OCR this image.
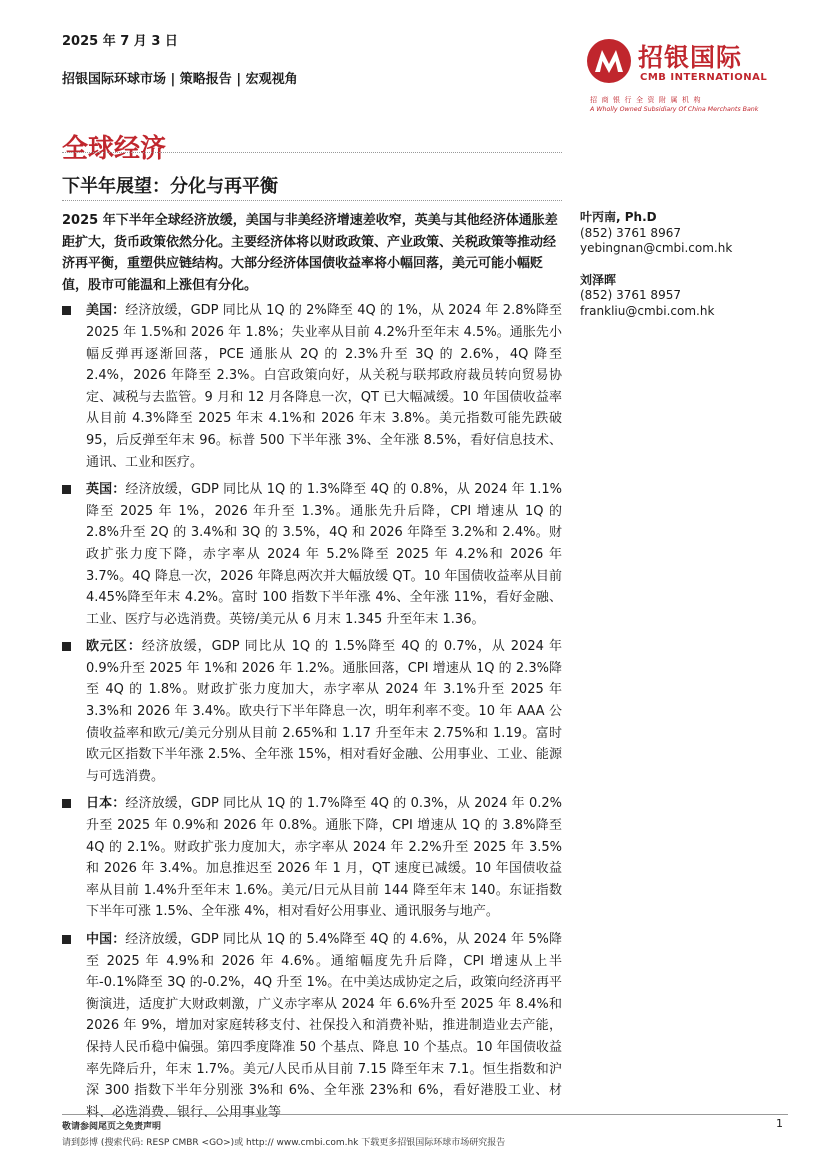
2025 年 7 月 3 日
招银国际环球市场 | 策略报告 | 宏观视角
招银国际
CMB INTERNATIONAL
招商银行全资附属机构
A Wholly Owned Subsidiary Of China Merchants Bank
全球经济
下半年展望：分化与再平衡

2025 年下半年全球经济放缓，美国与非美经济增速差收窄，英美与其他经济体通胀差距扩大，货币政策依然分化。主要经济体将以财政政策、产业政策、关税政策等推动经济再平衡，重塑供应链结构。大部分经济体国债收益率将小幅回落，美元可能小幅贬值，股市可能温和上涨但有分化。

美国：经济放缓，GDP 同比从 1Q 的 2%降至 4Q 的 1%，从 2024 年 2.8%降至 2025 年 1.5%和 2026 年 1.8%；失业率从目前 4.2%升至年末 4.5%。通胀先小幅反弹再逐渐回落，PCE 通胀从 2Q 的 2.3%升至 3Q 的 2.6%，4Q 降至 2.4%，2026 年降至 2.3%。白宫政策向好，从关税与联邦政府裁员转向贸易协定、减税与去监管。9 月和 12 月各降息一次，QT 已大幅减缓。10 年国债收益率从目前 4.3%降至 2025 年末 4.1%和 2026 年末 3.8%。美元指数可能先跌破 95，后反弹至年末 96。标普 500 下半年涨 3%、全年涨 8.5%，看好信息技术、通讯、工业和医疗。

英国：经济放缓，GDP 同比从 1Q 的 1.3%降至 4Q 的 0.8%，从 2024 年 1.1%降至 2025 年 1%，2026 年升至 1.3%。通胀先升后降，CPI 增速从 1Q 的 2.8%升至 2Q 的 3.4%和 3Q 的 3.5%，4Q 和 2026 年降至 3.2%和 2.4%。财政扩张力度下降，赤字率从 2024 年 5.2%降至 2025 年 4.2%和 2026 年 3.7%。4Q 降息一次，2026 年降息两次并大幅放缓 QT。10 年国债收益率从目前 4.45%降至年末 4.2%。富时 100 指数下半年涨 4%、全年涨 11%，看好金融、工业、医疗与必选消费。英镑/美元从 6 月末 1.345 升至年末 1.36。

欧元区：经济放缓，GDP 同比从 1Q 的 1.5%降至 4Q 的 0.7%，从 2024 年 0.9%升至 2025 年 1%和 2026 年 1.2%。通胀回落，CPI 增速从 1Q 的 2.3%降至 4Q 的 1.8%。财政扩张力度加大，赤字率从 2024 年 3.1%升至 2025 年 3.3%和 2026 年 3.4%。欧央行下半年降息一次，明年利率不变。10 年 AAA 公债收益率和欧元/美元分别从目前 2.65%和 1.17 升至年末 2.75%和 1.19。富时欧元区指数下半年涨 2.5%、全年涨 15%，相对看好金融、公用事业、工业、能源与可选消费。

日本：经济放缓，GDP 同比从 1Q 的 1.7%降至 4Q 的 0.3%，从 2024 年 0.2%升至 2025 年 0.9%和 2026 年 0.8%。通胀下降，CPI 增速从 1Q 的 3.8%降至 4Q 的 2.1%。财政扩张力度加大，赤字率从 2024 年 2.2%升至 2025 年 3.5%和 2026 年 3.4%。加息推迟至 2026 年 1 月，QT 速度已减缓。10 年国债收益率从目前 1.4%升至年末 1.6%。美元/日元从目前 144 降至年末 140。东证指数下半年可涨 1.5%、全年涨 4%，相对看好公用事业、通讯服务与地产。

中国：经济放缓，GDP 同比从 1Q 的 5.4%降至 4Q 的 4.6%，从 2024 年 5%降至 2025 年 4.9%和 2026 年 4.6%。通缩幅度先升后降，CPI 增速从上半年-0.1%降至 3Q 的-0.2%，4Q 升至 1%。在中美达成协定之后，政策向经济再平衡演进，适度扩大财政刺激，广义赤字率从 2024 年 6.6%升至 2025 年 8.4%和 2026 年 9%，增加对家庭转移支付、社保投入和消费补贴，推进制造业去产能，保持人民币稳中偏强。第四季度降准 50 个基点、降息 10 个基点。10 年国债收益率先降后升，年末 1.7%。美元/人民币从目前 7.15 降至年末 7.1。恒生指数和沪深 300 指数下半年分别涨 3%和 6%、全年涨 23%和 6%，看好港股工业、材料、必选消费、银行、公用事业等

叶丙南, Ph.D
(852) 3761 8967
yebingnan@cmbi.com.hk
刘泽晖
(852) 3761 8957
frankliu@cmbi.com.hk
敬请参阅尾页之免责声明
请到彭博 (搜索代码: RESP CMBR <GO>)或 http:// www.cmbi.com.hk 下载更多招银国际环球市场研究报告
1
